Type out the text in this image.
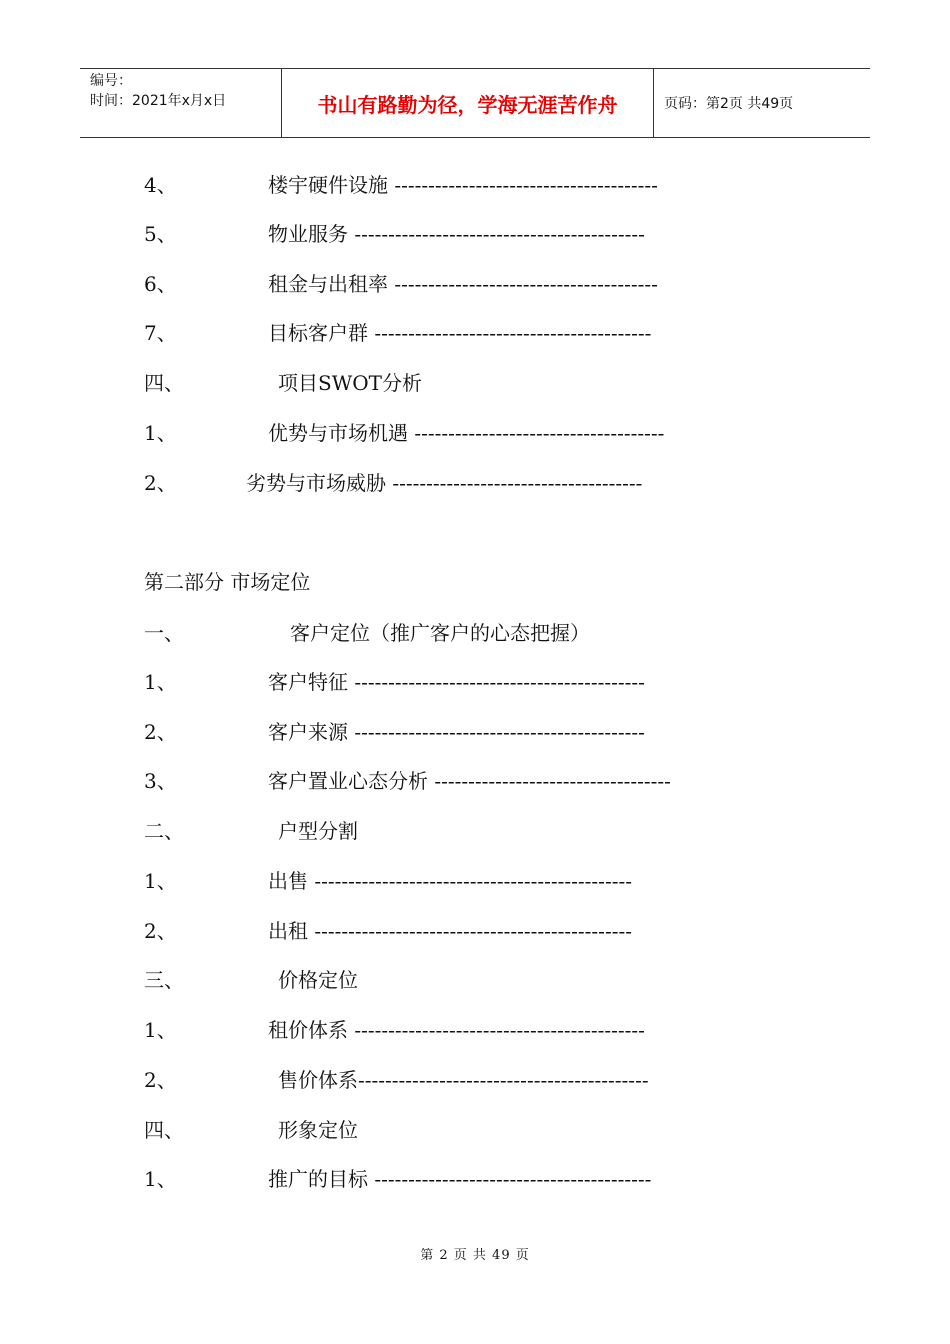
编号：
时间：2021年x月x日	书山有路勤为径，学海无涯苦作舟	页码：第2页 共49页
4、	楼宇硬件设施 ---------------------------------------
5、	物业服务 -------------------------------------------
6、	租金与出租率 ---------------------------------------
7、	目标客户群 -----------------------------------------
四、	项目SWOT分析
1、	优势与市场机遇 -------------------------------------
2、	劣势与市场威胁 -------------------------------------
第二部分 市场定位
一、	客户定位（推广客户的心态把握）
1、	客户特征 -------------------------------------------
2、	客户来源 -------------------------------------------
3、	客户置业心态分析 -----------------------------------
二、	户型分割
1、	出售 -----------------------------------------------
2、	出租 -----------------------------------------------
三、	价格定位
1、	租价体系 -------------------------------------------
2、	售价体系-------------------------------------------
四、	形象定位
1、	推广的目标 -----------------------------------------
第 2 页 共 49 页
